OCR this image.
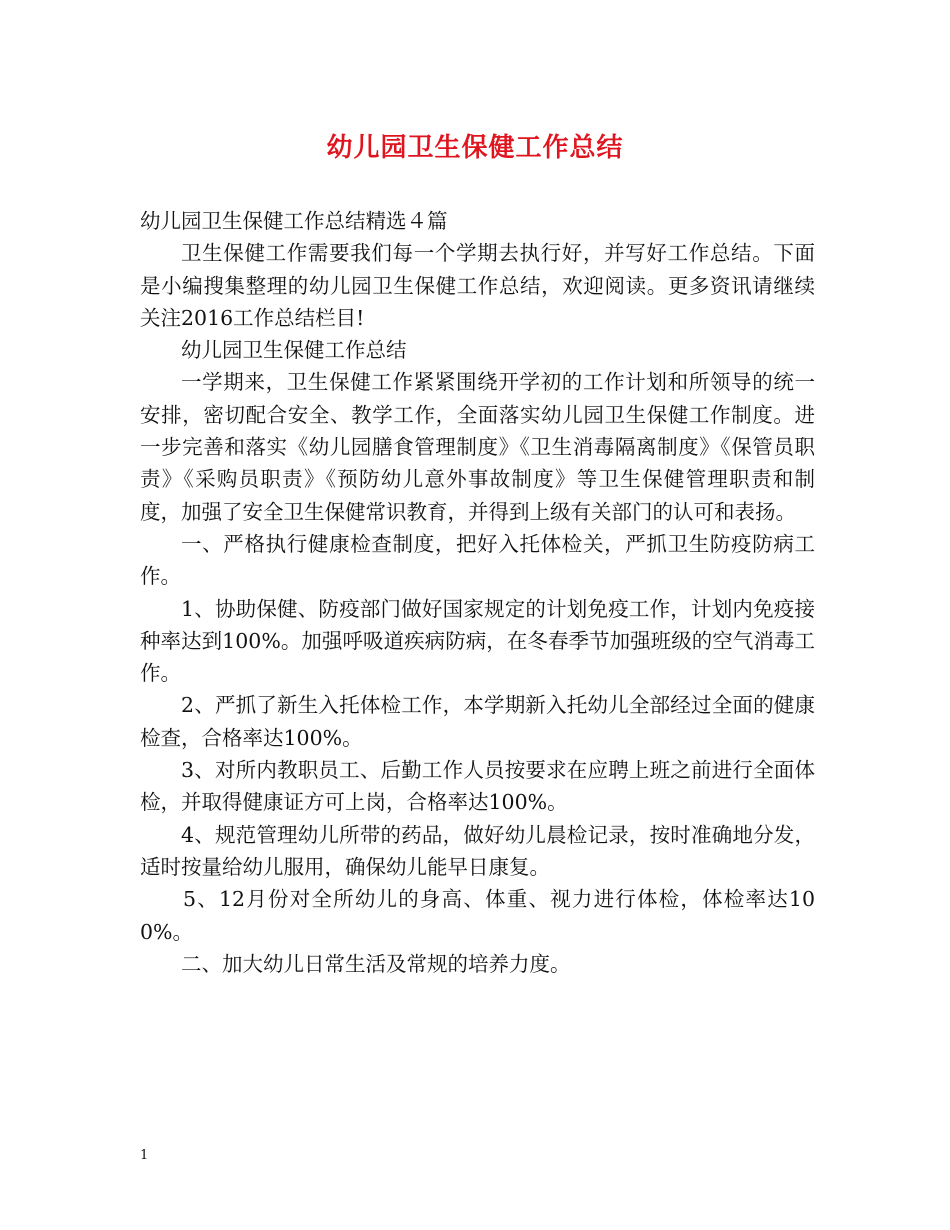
幼儿园卫生保健工作总结

幼儿园卫生保健工作总结精选４篇

卫生保健工作需要我们每一个学期去执行好，并写好工作总结。下面是小编搜集整理的幼儿园卫生保健工作总结，欢迎阅读。更多资讯请继续关注2016工作总结栏目!

幼儿园卫生保健工作总结

一学期来，卫生保健工作紧紧围绕开学初的工作计划和所领导的统一安排，密切配合安全、教学工作，全面落实幼儿园卫生保健工作制度。进一步完善和落实《幼儿园膳食管理制度》《卫生消毒隔离制度》《保管员职责》《采购员职责》《预防幼儿意外事故制度》等卫生保健管理职责和制度，加强了安全卫生保健常识教育，并得到上级有关部门的认可和表扬。

一、严格执行健康检查制度，把好入托体检关，严抓卫生防疫防病工作。

1、协助保健、防疫部门做好国家规定的计划免疫工作，计划内免疫接种率达到100%。加强呼吸道疾病防病，在冬春季节加强班级的空气消毒工作。

2、严抓了新生入托体检工作，本学期新入托幼儿全部经过全面的健康检查，合格率达100%。

3、对所内教职员工、后勤工作人员按要求在应聘上班之前进行全面体检，并取得健康证方可上岗，合格率达100%。

4、规范管理幼儿所带的药品，做好幼儿晨检记录，按时准确地分发，适时按量给幼儿服用，确保幼儿能早日康复。

5、12月份对全所幼儿的身高、体重、视力进行体检，体检率达100%。

二、加大幼儿日常生活及常规的培养力度。

1
